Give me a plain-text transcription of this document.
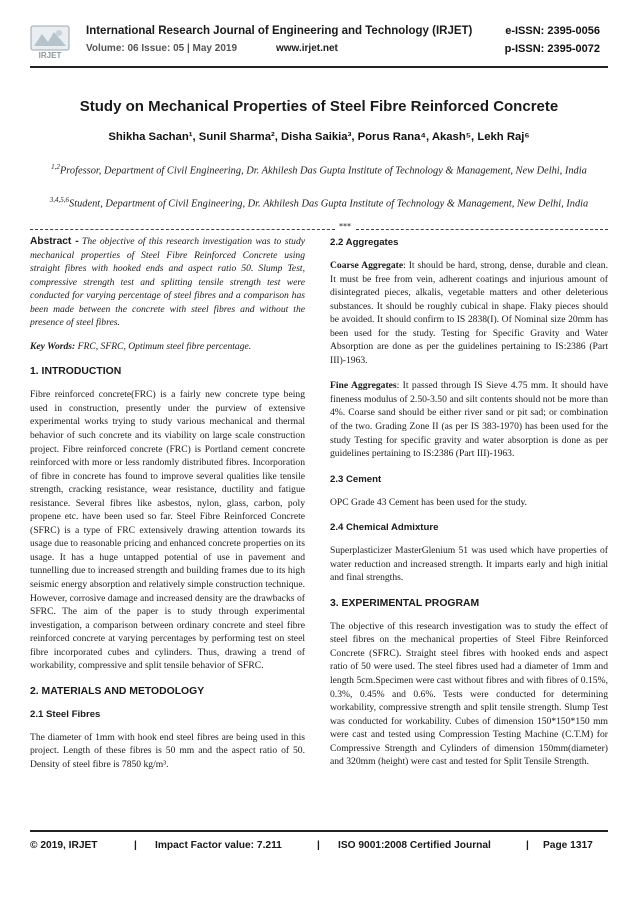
IRJET
International Research Journal of Engineering and Technology (IRJET)	e-ISSN: 2395-0056
Volume: 06 Issue: 05 | May 2019	www.irjet.net	p-ISSN: 2395-0072
Study on Mechanical Properties of Steel Fibre Reinforced Concrete
Shikha Sachan¹, Sunil Sharma², Disha Saikia³, Porus Rana⁴, Akash⁵, Lekh Raj⁶
$^{1,2}$Professor, Department of Civil Engineering, Dr. Akhilesh Das Gupta Institute of Technology & Management, New Delhi, India
$^{3,4,5,6}$Student, Department of Civil Engineering, Dr. Akhilesh Das Gupta Institute of Technology & Management, New Delhi, India
***

Abstract - The objective of this research investigation was to study mechanical properties of Steel Fibre Reinforced Concrete using straight fibres with hooked ends and aspect ratio 50. Slump Test, compressive strength test and splitting tensile strength test were conducted for varying percentage of steel fibres and a comparison has been made between the concrete with steel fibres and without the presence of steel fibres.

Key Words: FRC, SFRC, Optimum steel fibre percentage.

1. INTRODUCTION

Fibre reinforced concrete(FRC) is a fairly new concrete type being used in construction, presently under the purview of extensive experimental works trying to study various mechanical and thermal behavior of such concrete and its viability on large scale construction project. Fibre reinforced concrete (FRC) is Portland cement concrete reinforced with more or less randomly distributed fibres. Incorporation of fibre in concrete has found to improve several qualities like tensile strength, cracking resistance, wear resistance, ductility and fatigue resistance. Several fibres like asbestos, nylon, glass, carbon, poly propene etc. have been used so far. Steel Fibre Reinforced Concrete (SFRC) is a type of FRC extensively drawing attention towards its usage due to reasonable pricing and enhanced concrete properties on its usage. It has a huge untapped potential of use in pavement and tunnelling due to increased strength and building frames due to its high seismic energy absorption and relatively simple construction technique. However, corrosive damage and increased density are the drawbacks of SFRC. The aim of the paper is to study through experimental investigation, a comparison between ordinary concrete and steel fibre reinforced concrete at varying percentages by performing test on steel fibre incorporated cubes and cylinders. Thus, drawing a trend of workability, compressive and split tensile behavior of SFRC.

2. MATERIALS AND METODOLOGY
2.1 Steel Fibres

The diameter of 1mm with hook end steel fibres are being used in this project. Length of these fibres is 50 mm and the aspect ratio of 50. Density of steel fibre is 7850 kg/m³.

2.2 Aggregates

Coarse Aggregate: It should be hard, strong, dense, durable and clean. It must be free from vein, adherent coatings and injurious amount of disintegrated pieces, alkalis, vegetable matters and other deleterious substances. It should be roughly cubical in shape. Flaky pieces should be avoided. It should confirm to IS 2838(I). Of Nominal size 20mm has been used for the study. Testing for Specific Gravity and Water Absorption are done as per the guidelines pertaining to IS:2386 (Part III)-1963.

Fine Aggregates: It passed through IS Sieve 4.75 mm. It should have fineness modulus of 2.50-3.50 and silt contents should not be more than 4%. Coarse sand should be either river sand or pit sad; or combination of the two. Grading Zone II (as per IS 383-1970) has been used for the study Testing for specific gravity and water absorption is done as per guidelines pertaining to IS:2386 (Part III)-1963.

2.3 Cement

OPC Grade 43 Cement has been used for the study.

2.4 Chemical Admixture

Superplasticizer MasterGlenium 51 was used which have properties of water reduction and increased strength. It imparts early and high initial and final strengths.

3. EXPERIMENTAL PROGRAM

The objective of this research investigation was to study the effect of steel fibres on the mechanical properties of Steel Fibre Reinforced Concrete (SFRC). Straight steel fibres with hooked ends and aspect ratio of 50 were used. The steel fibres used had a diameter of 1mm and length 5cm.Specimen were cast without fibres and with fibres of 0.15%, 0.3%, 0.45% and 0.6%. Tests were conducted for determining workability, compressive strength and split tensile strength. Slump Test was conducted for workability. Cubes of dimension 150*150*150 mm were cast and tested using Compression Testing Machine (C.T.M) for Compressive Strength and Cylinders of dimension 150mm(diameter) and 320mm (height) were cast and tested for Split Tensile Strength.

© 2019, IRJET	| Impact Factor value: 7.211	| ISO 9001:2008 Certified Journal	| Page 1317
